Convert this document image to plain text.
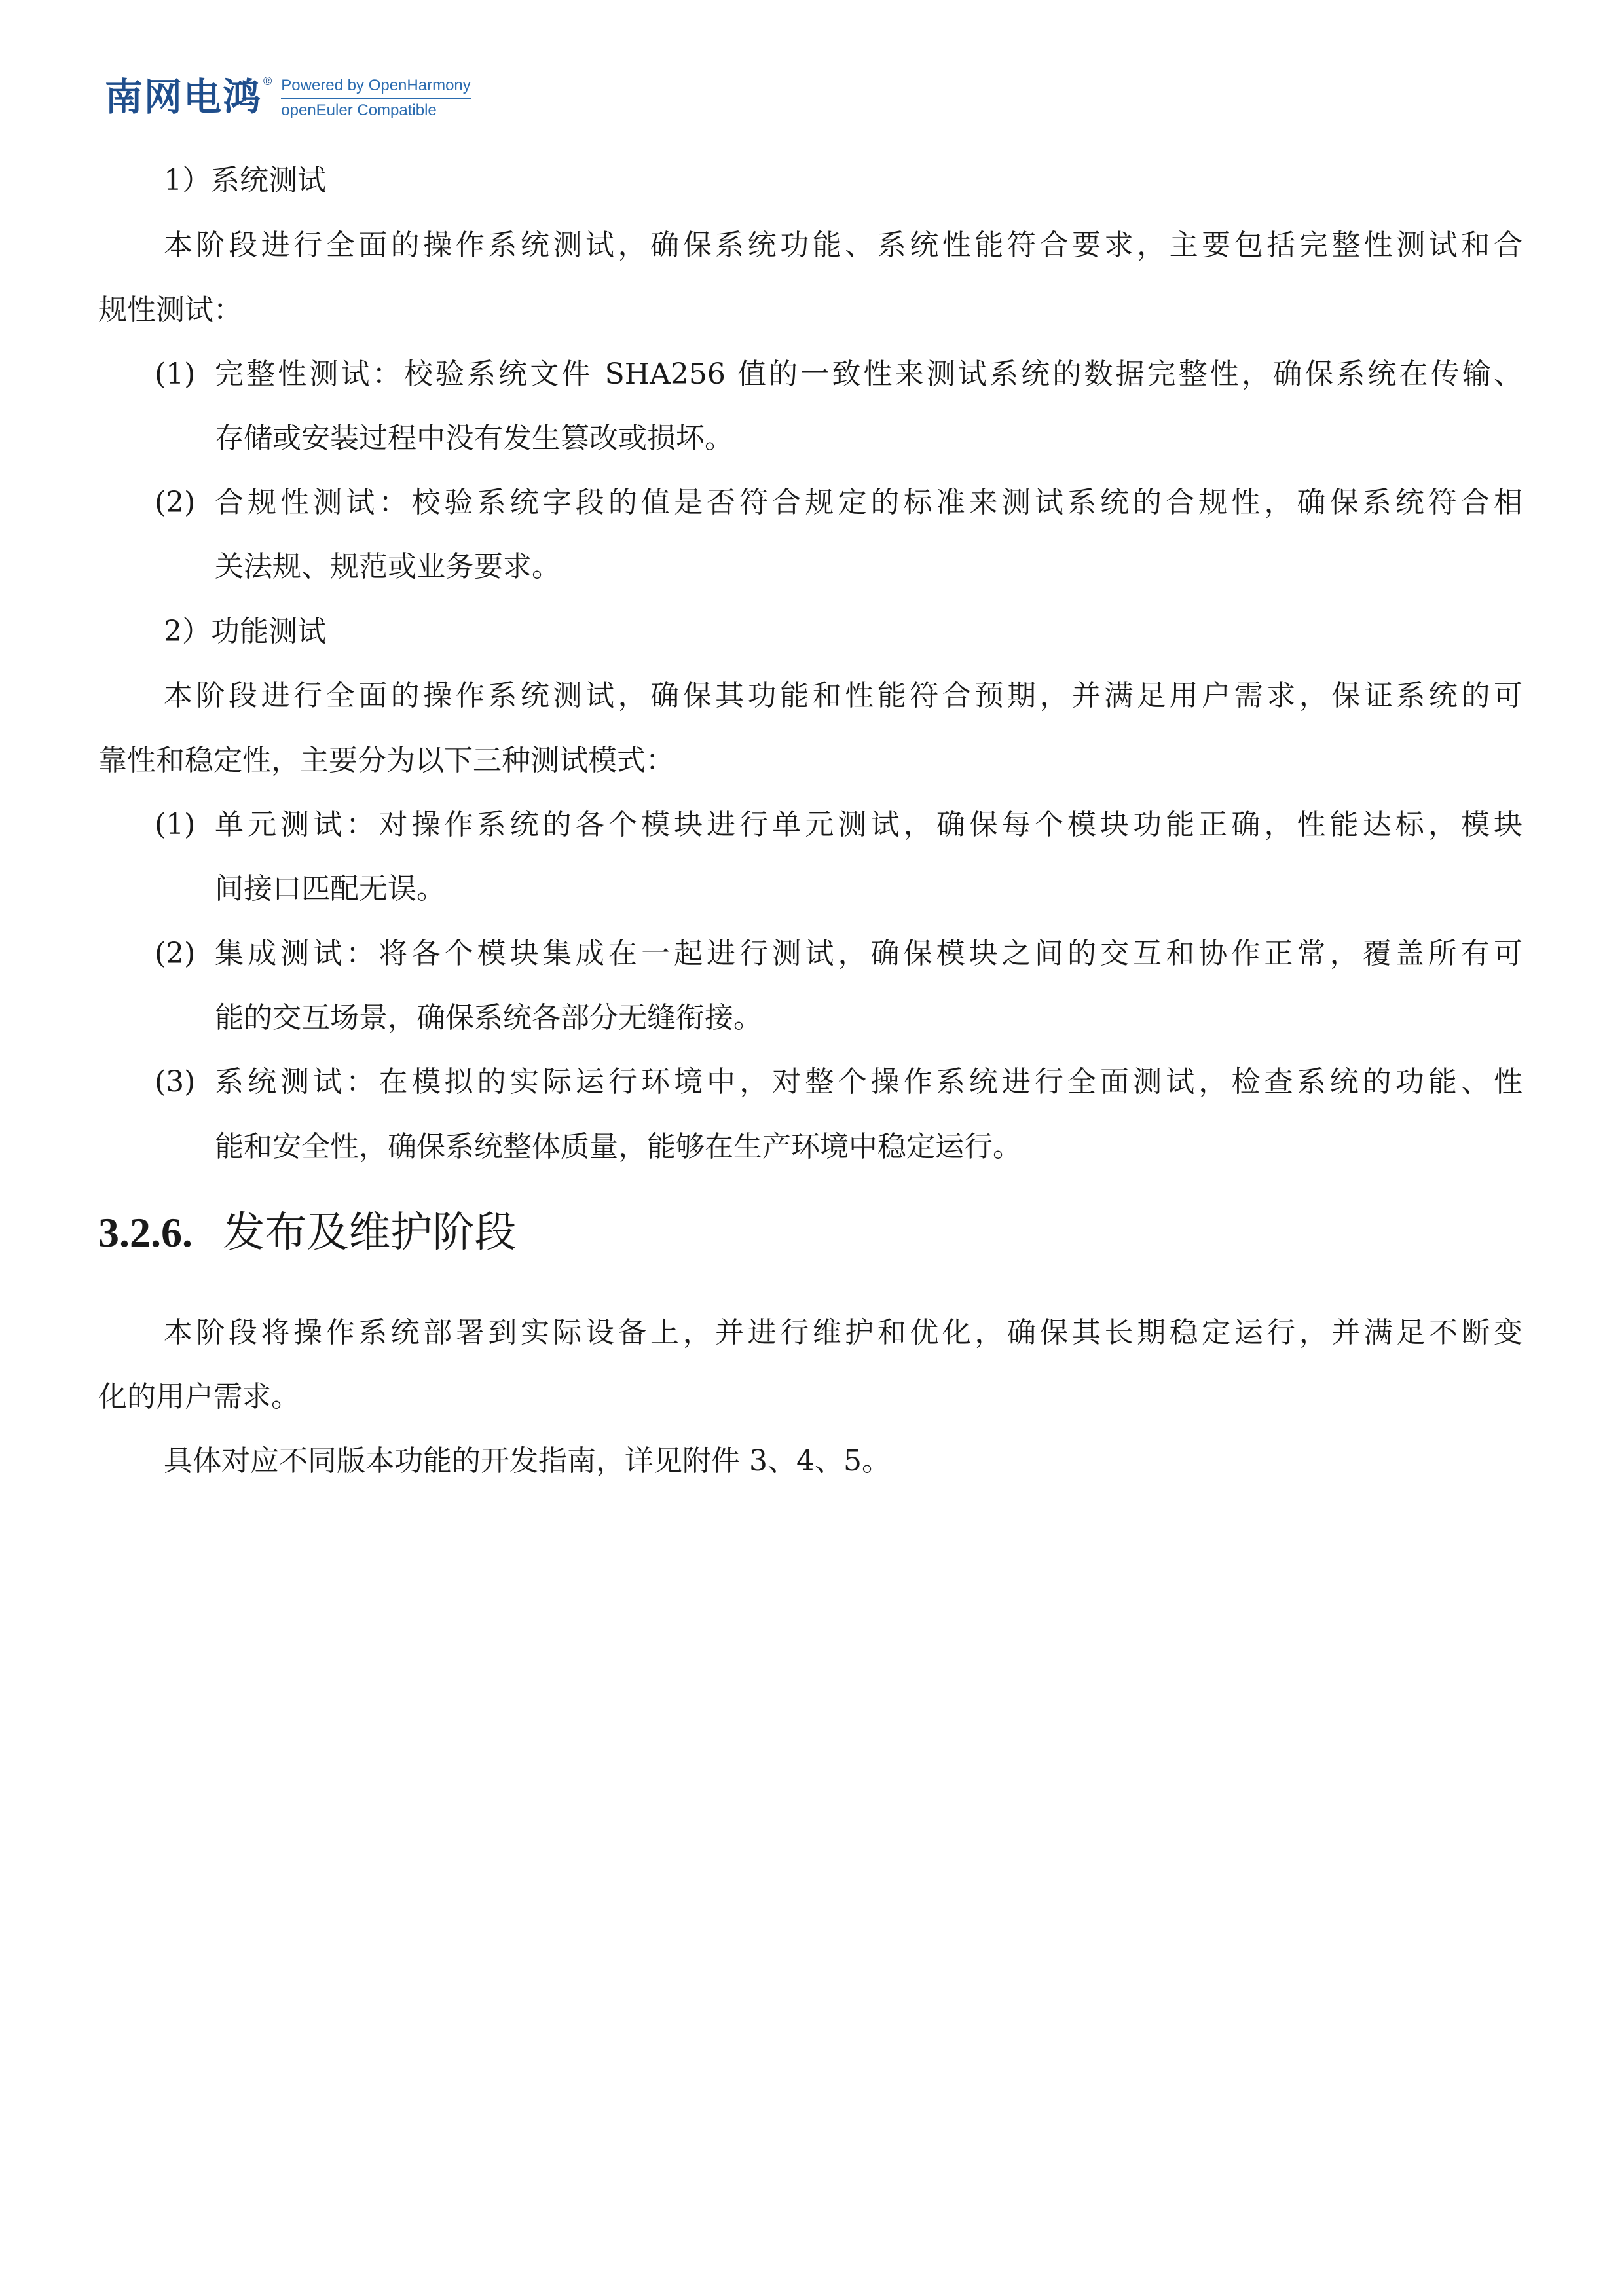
南网电鸿 ® Powered by OpenHarmony
openEuler Compatible
1）系统测试
本阶段进行全面的操作系统测试，确保系统功能、系统性能符合要求，主要包括完整性测试和合
规性测试：
(1) 完整性测试：校验系统文件 SHA256 值的一致性来测试系统的数据完整性，确保系统在传输、
存储或安装过程中没有发生篡改或损坏。
(2) 合规性测试：校验系统字段的值是否符合规定的标准来测试系统的合规性，确保系统符合相
关法规、规范或业务要求。
2）功能测试
本阶段进行全面的操作系统测试，确保其功能和性能符合预期，并满足用户需求，保证系统的可
靠性和稳定性，主要分为以下三种测试模式：
(1) 单元测试：对操作系统的各个模块进行单元测试，确保每个模块功能正确，性能达标，模块
间接口匹配无误。
(2) 集成测试：将各个模块集成在一起进行测试，确保模块之间的交互和协作正常，覆盖所有可
能的交互场景，确保系统各部分无缝衔接。
(3) 系统测试：在模拟的实际运行环境中，对整个操作系统进行全面测试，检查系统的功能、性
能和安全性，确保系统整体质量，能够在生产环境中稳定运行。
3.2.6. 发布及维护阶段
本阶段将操作系统部署到实际设备上，并进行维护和优化，确保其长期稳定运行，并满足不断变
化的用户需求。
具体对应不同版本功能的开发指南，详见附件 3、4、5。
